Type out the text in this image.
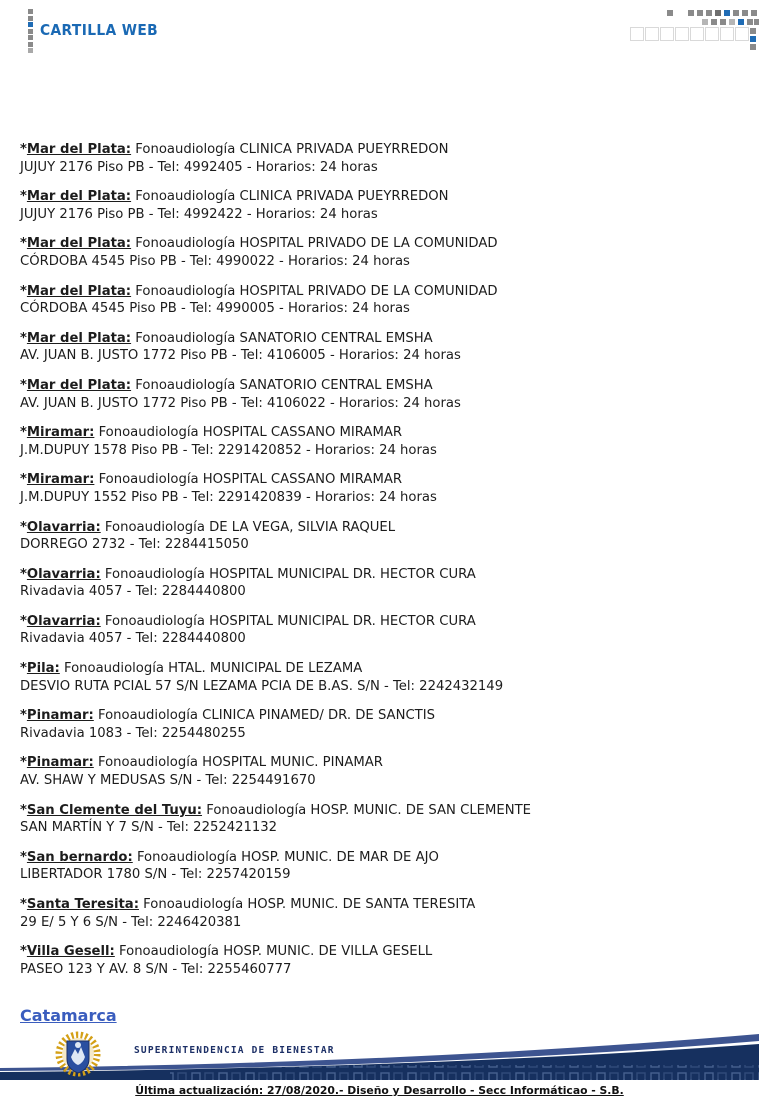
CARTILLA WEB
*Mar del Plata: Fonoaudiología CLINICA PRIVADA PUEYRREDON
JUJUY 2176 Piso PB - Tel: 4992405 - Horarios: 24 horas
*Mar del Plata: Fonoaudiología CLINICA PRIVADA PUEYRREDON
JUJUY 2176 Piso PB - Tel: 4992422 - Horarios: 24 horas
*Mar del Plata: Fonoaudiología HOSPITAL PRIVADO DE LA COMUNIDAD
CÓRDOBA 4545 Piso PB - Tel: 4990022 - Horarios: 24 horas
*Mar del Plata: Fonoaudiología HOSPITAL PRIVADO DE LA COMUNIDAD
CÓRDOBA 4545 Piso PB - Tel: 4990005 - Horarios: 24 horas
*Mar del Plata: Fonoaudiología SANATORIO CENTRAL EMSHA
AV. JUAN B. JUSTO 1772 Piso PB - Tel: 4106005 - Horarios: 24 horas
*Mar del Plata: Fonoaudiología SANATORIO CENTRAL EMSHA
AV. JUAN B. JUSTO 1772 Piso PB - Tel: 4106022 - Horarios: 24 horas
*Miramar: Fonoaudiología HOSPITAL CASSANO MIRAMAR
J.M.DUPUY 1578 Piso PB - Tel: 2291420852 - Horarios: 24 horas
*Miramar: Fonoaudiología HOSPITAL CASSANO MIRAMAR
J.M.DUPUY 1552 Piso PB - Tel: 2291420839 - Horarios: 24 horas
*Olavarria: Fonoaudiología DE LA VEGA, SILVIA RAQUEL
DORREGO 2732 - Tel: 2284415050
*Olavarria: Fonoaudiología HOSPITAL MUNICIPAL DR. HECTOR CURA
Rivadavia 4057 - Tel: 2284440800
*Olavarria: Fonoaudiología HOSPITAL MUNICIPAL DR. HECTOR CURA
Rivadavia 4057 - Tel: 2284440800
*Pila: Fonoaudiología HTAL. MUNICIPAL DE LEZAMA
DESVIO RUTA PCIAL 57 S/N LEZAMA PCIA DE B.AS. S/N - Tel: 2242432149
*Pinamar: Fonoaudiología CLINICA PINAMED/ DR. DE SANCTIS
Rivadavia 1083 - Tel: 2254480255
*Pinamar: Fonoaudiología HOSPITAL MUNIC. PINAMAR
AV. SHAW Y MEDUSAS S/N - Tel: 2254491670
*San Clemente del Tuyu: Fonoaudiología HOSP. MUNIC. DE SAN CLEMENTE
SAN MARTÍN Y 7 S/N - Tel: 2252421132
*San bernardo: Fonoaudiología HOSP. MUNIC. DE MAR DE AJO
LIBERTADOR 1780 S/N - Tel: 2257420159
*Santa Teresita: Fonoaudiología HOSP. MUNIC. DE SANTA TERESITA
29 E/ 5 Y 6 S/N - Tel: 2246420381
*Villa Gesell: Fonoaudiología HOSP. MUNIC. DE VILLA GESELL
PASEO 123 Y AV. 8 S/N - Tel: 2255460777
Catamarca
SUPERINTENDENCIA DE BIENESTAR
Última actualización: 27/08/2020.- Diseño y Desarrollo - Secc Informáticao - S.B.
